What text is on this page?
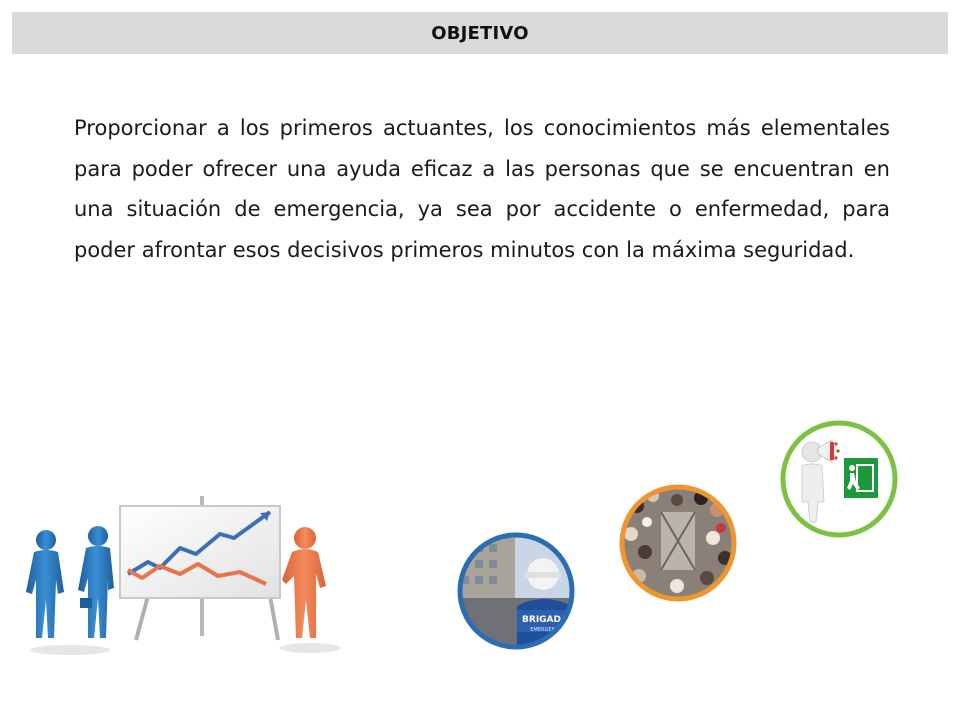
OBJETIVO

Proporcionar a los primeros actuantes, los conocimientos más elementales para poder ofrecer una ayuda eficaz a las personas que se encuentran en una situación de emergencia, ya sea por accidente o enfermedad, para poder afrontar esos decisivos primeros minutos con la máxima seguridad.

BRIGADA
EMERGENCIA
